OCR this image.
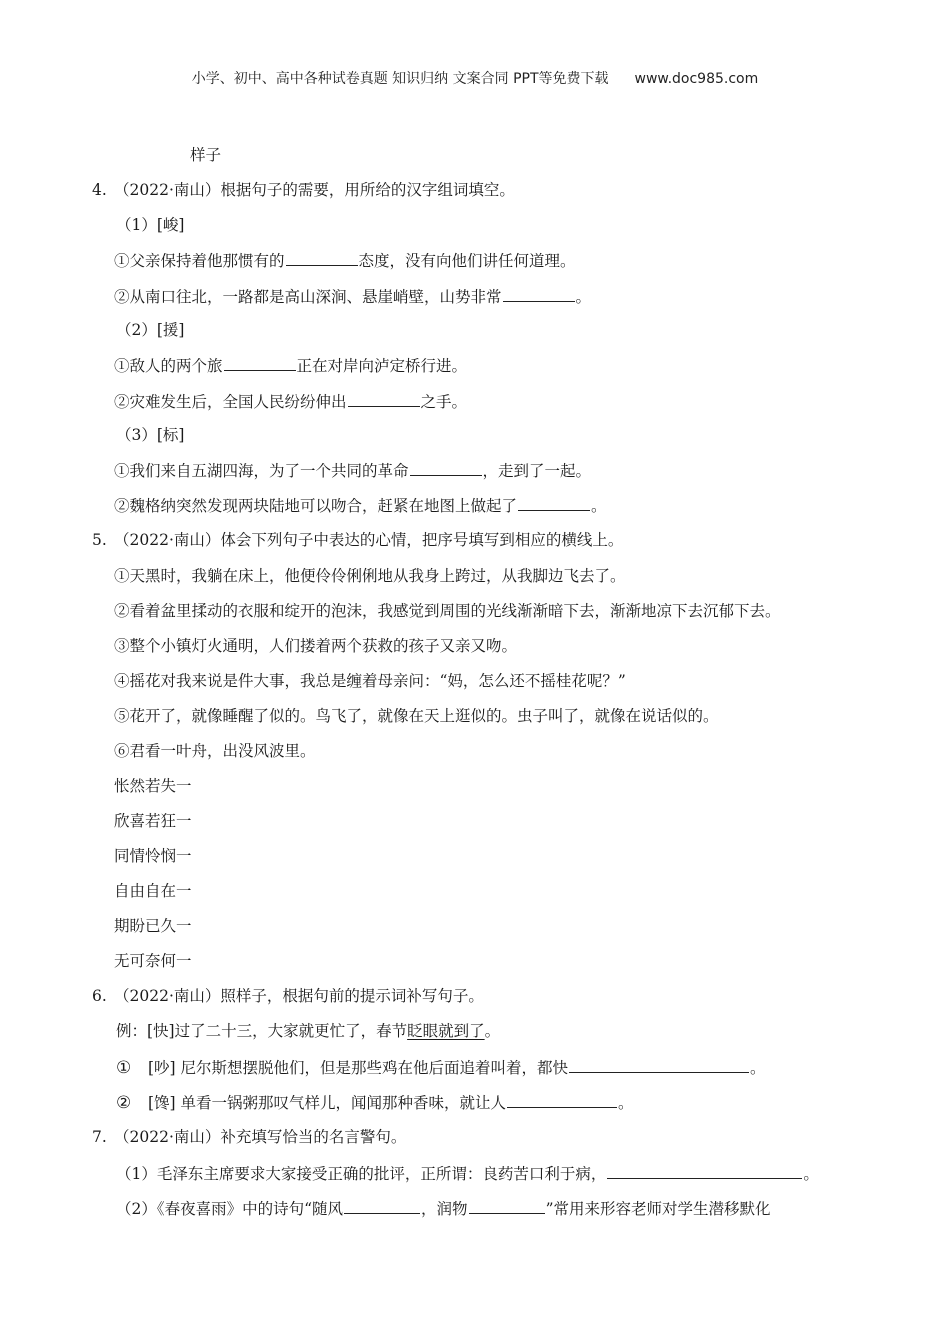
小学、初中、高中各种试卷真题 知识归纳 文案合同 PPT等免费下载 www.doc985.com
样子
4. （2022·南山）根据句子的需要，用所给的汉字组词填空。
（1）[峻]
①父亲保持着他那惯有的	态度，没有向他们讲任何道理。
②从南口往北，一路都是高山深涧、悬崖峭壁，山势非常	。
（2）[援]
①敌人的两个旅	正在对岸向泸定桥行进。
②灾难发生后，全国人民纷纷伸出	之手。
（3）[标]
①我们来自五湖四海，为了一个共同的革命	，走到了一起。
②魏格纳突然发现两块陆地可以吻合，赶紧在地图上做起了	。
5. （2022·南山）体会下列句子中表达的心情，把序号填写到相应的横线上。
①天黑时，我躺在床上，他便伶伶俐俐地从我身上跨过，从我脚边飞去了。
②看着盆里揉动的衣服和绽开的泡沫，我感觉到周围的光线渐渐暗下去，渐渐地凉下去沉郁下去。
③整个小镇灯火通明，人们搂着两个获救的孩子又亲又吻。
④摇花对我来说是件大事，我总是缠着母亲问：“妈，怎么还不摇桂花呢？”
⑤花开了，就像睡醒了似的。鸟飞了，就像在天上逛似的。虫子叫了，就像在说话似的。
⑥君看一叶舟，出没风波里。
怅然若失一
欣喜若狂一
同情怜悯一
自由自在一
期盼已久一
无可奈何一
6. （2022·南山）照样子，根据句前的提示词补写句子。
例：[快]过了二十三，大家就更忙了，春节眨眼就到了。
① [吵] 尼尔斯想摆脱他们，但是那些鸡在他后面追着叫着，都快	。
② [馋] 单看一锅粥那叹气样儿，闻闻那种香味，就让人	。
7. （2022·南山）补充填写恰当的名言警句。
（1）毛泽东主席要求大家接受正确的批评，正所谓：良药苦口利于病，	。
（2）《春夜喜雨》中的诗句“随风	，润物	”常用来形容老师对学生潜移默化
